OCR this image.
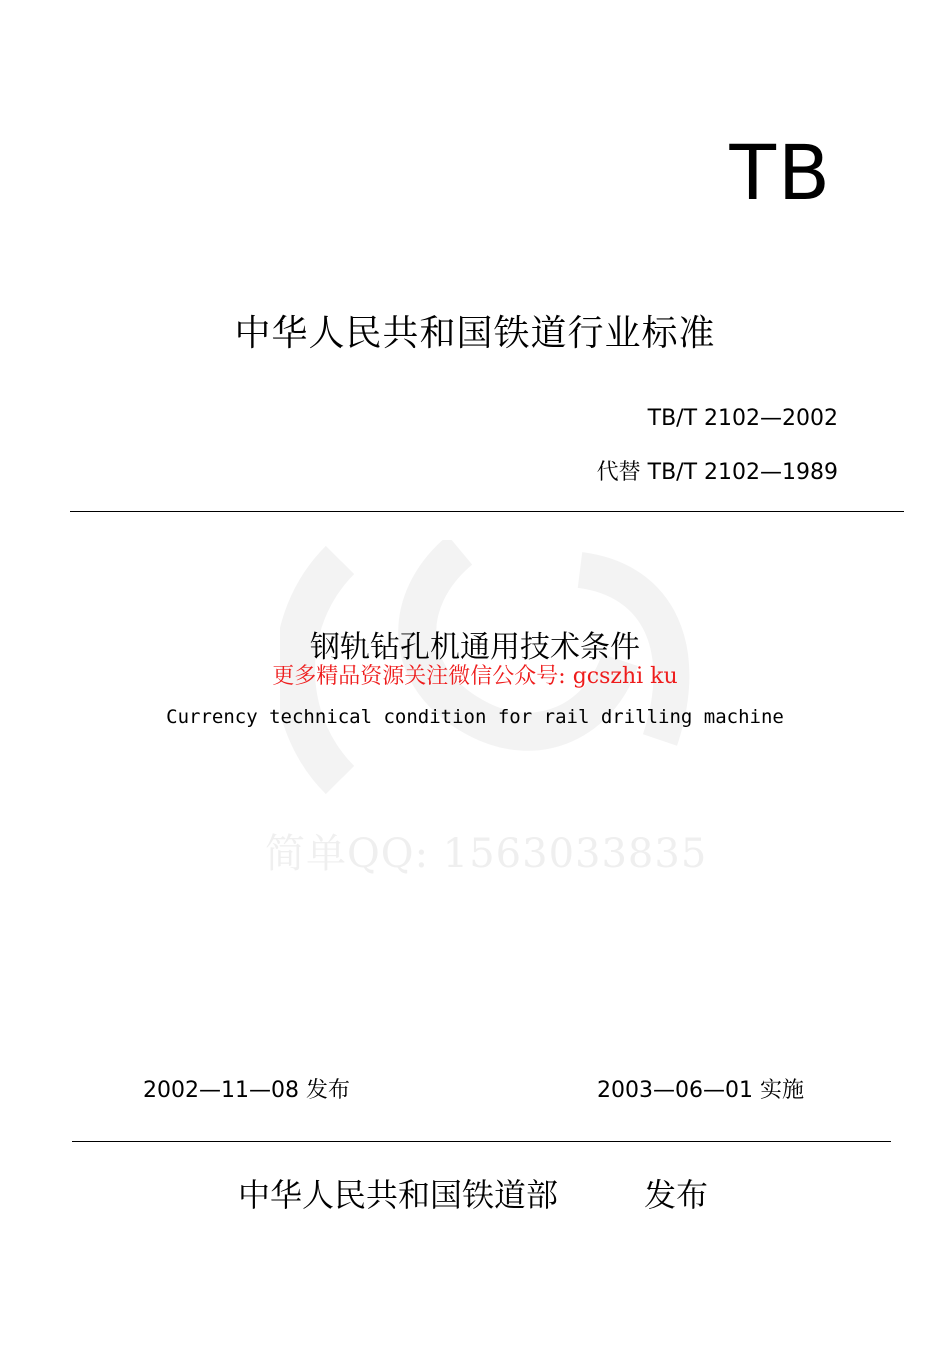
简单QQ: 1563033835
TB
中华人民共和国铁道行业标准
TB/T 2102—2002
代替 TB/T 2102—1989
钢轨钻孔机通用技术条件
更多精品资源关注微信公众号: gcszhi ku
Currency technical condition for rail drilling machine
2002—11—08 发布	2003—06—01 实施
中华人民共和国铁道部	发布
